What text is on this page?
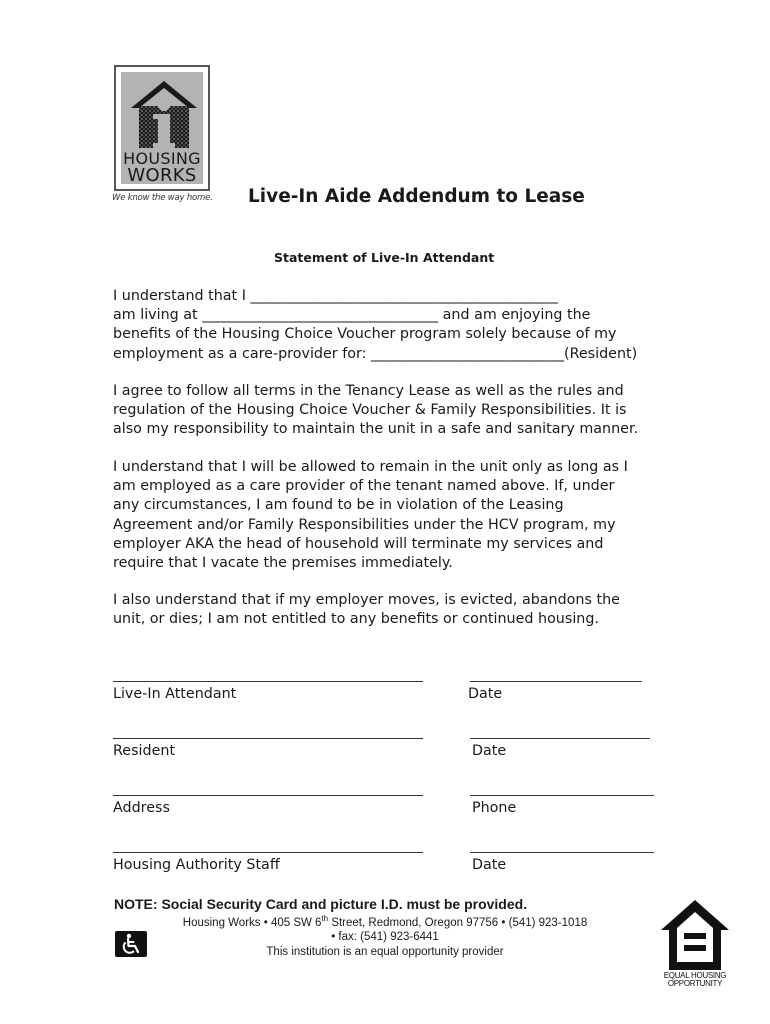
HOUSING
WORKS
We know the way home. Live-In Aide Addendum to Lease
Statement of Live-In Attendant
I understand that I ___________________________________________
am living at _________________________________ and am enjoying the
benefits of the Housing Choice Voucher program solely because of my
employment as a care-provider for: ___________________________(Resident)
I agree to follow all terms in the Tenancy Lease as well as the rules and
regulation of the Housing Choice Voucher & Family Responsibilities. It is
also my responsibility to maintain the unit in a safe and sanitary manner.
I understand that I will be allowed to remain in the unit only as long as I
am employed as a care provider of the tenant named above. If, under
any circumstances, I am found to be in violation of the Leasing
Agreement and/or Family Responsibilities under the HCV program, my
employer AKA the head of household will terminate my services and
require that I vacate the premises immediately.
I also understand that if my employer moves, is evicted, abandons the
unit, or dies; I am not entitled to any benefits or continued housing.
Live-In Attendant	Date
Resident	Date
Address	Phone
Housing Authority Staff	Date
NOTE: Social Security Card and picture I.D. must be provided.
Housing Works • 405 SW 6th Street, Redmond, Oregon 97756 • (541) 923-1018
• fax: (541) 923-6441
This institution is an equal opportunity provider
EQUAL HOUSING
OPPORTUNITY
